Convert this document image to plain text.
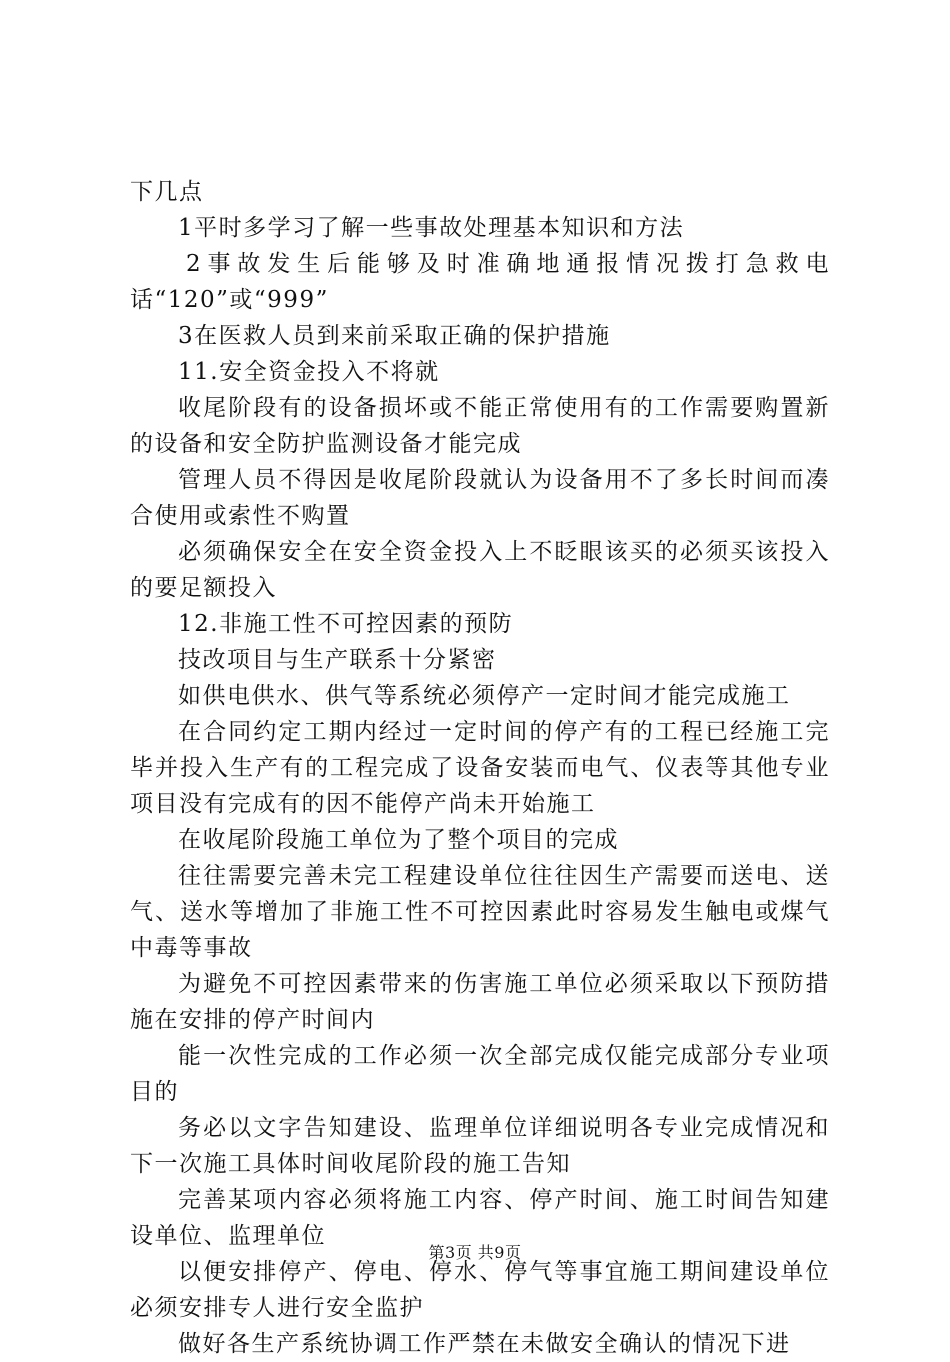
下几点

1平时多学习了解一些事故处理基本知识和方法

2事故发生后能够及时准确地通报情况拨打急救电话“120”或“999”

3在医救人员到来前采取正确的保护措施

11.安全资金投入不将就

收尾阶段有的设备损坏或不能正常使用有的工作需要购置新的设备和安全防护监测设备才能完成

管理人员不得因是收尾阶段就认为设备用不了多长时间而凑合使用或索性不购置

必须确保安全在安全资金投入上不眨眼该买的必须买该投入的要足额投入

12.非施工性不可控因素的预防

技改项目与生产联系十分紧密

如供电供水、供气等系统必须停产一定时间才能完成施工

在合同约定工期内经过一定时间的停产有的工程已经施工完毕并投入生产有的工程完成了设备安装而电气、仪表等其他专业项目没有完成有的因不能停产尚未开始施工

在收尾阶段施工单位为了整个项目的完成

往往需要完善未完工程建设单位往往因生产需要而送电、送气、送水等增加了非施工性不可控因素此时容易发生触电或煤气中毒等事故

为避免不可控因素带来的伤害施工单位必须采取以下预防措施在安排的停产时间内

能一次性完成的工作必须一次全部完成仅能完成部分专业项目的

务必以文字告知建设、监理单位详细说明各专业完成情况和下一次施工具体时间收尾阶段的施工告知

完善某项内容必须将施工内容、停产时间、施工时间告知建设单位、监理单位

以便安排停产、停电、停水、停气等事宜施工期间建设单位必须安排专人进行安全监护

做好各生产系统协调工作严禁在未做安全确认的情况下进

第3页 共9页
